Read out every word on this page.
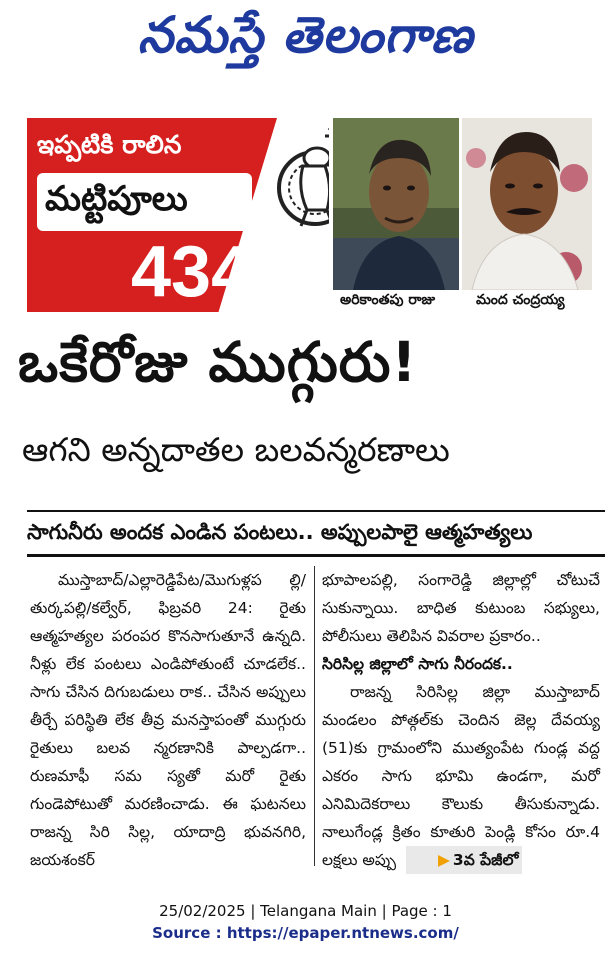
నమస్తే తెలంగాణ
ఇప్పటికి రాలిన
మట్టిపూలు
434	అరికాంతపు రాజు	మంద చంద్రయ్య
ఒకేరోజు ముగ్గురు!
ఆగని అన్నదాతల బలవన్మరణాలు
సాగునీరు అందక ఎండిన పంటలు.. అప్పులపాలై ఆత్మహత్యలు

ముస్తాబాద్/ఎల్లారెడ్డిపేట/మొగుళ్లప ల్లి/తుర్కపల్లి/కల్వేర్, ఫిబ్రవరి 24: రైతు ఆత్మహత్యల పరంపర కొనసాగుతూనే ఉన్నది. నీళ్లు లేక పంటలు ఎండిపోతుంటే చూడలేక.. సాగు చేసిన దిగుబడులు రాక.. చేసిన అప్పులు తీర్చే పరిస్థితి లేక తీవ్ర మనస్తాపంతో ముగ్గురు రైతులు బలవ న్మరణానికి పాల్పడగా.. రుణమాఫీ సమ స్యతో మరో రైతు గుండెపోటుతో మరణించాడు. ఈ ఘటనలు రాజన్న సిరి సిల్ల, యాదాద్రి భువనగిరి, జయశంకర్

భూపాలపల్లి, సంగారెడ్డి జిల్లాల్లో చోటుచే సుకున్నాయి. బాధిత కుటుంబ సభ్యులు, పోలీసులు తెలిపిన వివరాల ప్రకారం..

సిరిసిల్ల జిల్లాలో సాగు నీరందక..

రాజన్న సిరిసిల్ల జిల్లా ముస్తాబాద్ మండలం పోత్గల్‌కు చెందిన జెల్ల దేవయ్య (51)కు గ్రామంలోని ముత్యంపేట గుండ్ల వద్ద ఎకరం సాగు భూమి ఉండగా, మరో ఎనిమిదెకరాలు కౌలుకు తీసుకున్నాడు. నాలుగేండ్ల క్రితం కూతురి పెండ్లి కోసం రూ.4 లక్షలు అప్పు	▶ 3వ పేజీలో

25/02/2025 | Telangana Main | Page : 1
Source : https://epaper.ntnews.com/
